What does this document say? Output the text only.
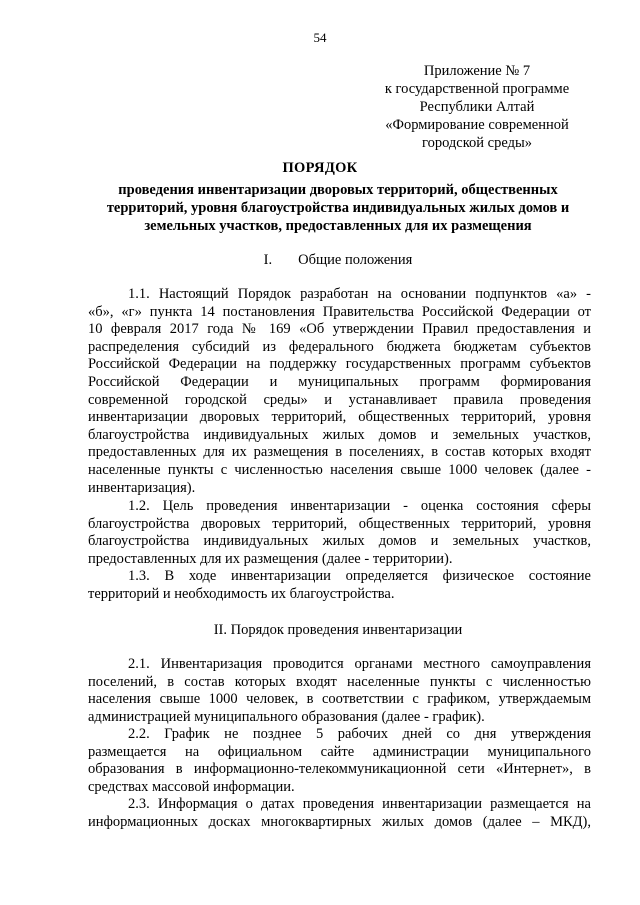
54
Приложение № 7
к государственной программе
Республики Алтай
«Формирование современной
городской среды»
ПОРЯДОК
проведения инвентаризации дворовых территорий, общественных
территорий, уровня благоустройства индивидуальных жилых домов и
земельных участков, предоставленных для их размещения
I. Общие положения
1.1. Настоящий Порядок разработан на основании подпунктов «а» -
«б», «г» пункта 14 постановления Правительства Российской Федерации от
10 февраля 2017 года № 169 «Об утверждении Правил предоставления и
распределения субсидий из федерального бюджета бюджетам субъектов
Российской Федерации на поддержку государственных программ субъектов
Российской Федерации и муниципальных программ формирования
современной городской среды» и устанавливает правила проведения
инвентаризации дворовых территорий, общественных территорий, уровня
благоустройства индивидуальных жилых домов и земельных участков,
предоставленных для их размещения в поселениях, в состав которых входят
населенные пункты с численностью населения свыше 1000 человек (далее -
инвентаризация).
1.2. Цель проведения инвентаризации - оценка состояния сферы
благоустройства дворовых территорий, общественных территорий, уровня
благоустройства индивидуальных жилых домов и земельных участков,
предоставленных для их размещения (далее - территории).
1.3. В ходе инвентаризации определяется физическое состояние
территорий и необходимость их благоустройства.
II. Порядок проведения инвентаризации
2.1. Инвентаризация проводится органами местного самоуправления
поселений, в состав которых входят населенные пункты с численностью
населения свыше 1000 человек, в соответствии с графиком, утверждаемым
администрацией муниципального образования (далее - график).
2.2. График не позднее 5 рабочих дней со дня утверждения
размещается на официальном сайте администрации муниципального
образования в информационно-телекоммуникационной сети «Интернет», в
средствах массовой информации.
2.3. Информация о датах проведения инвентаризации размещается на
информационных досках многоквартирных жилых домов (далее – МКД),
